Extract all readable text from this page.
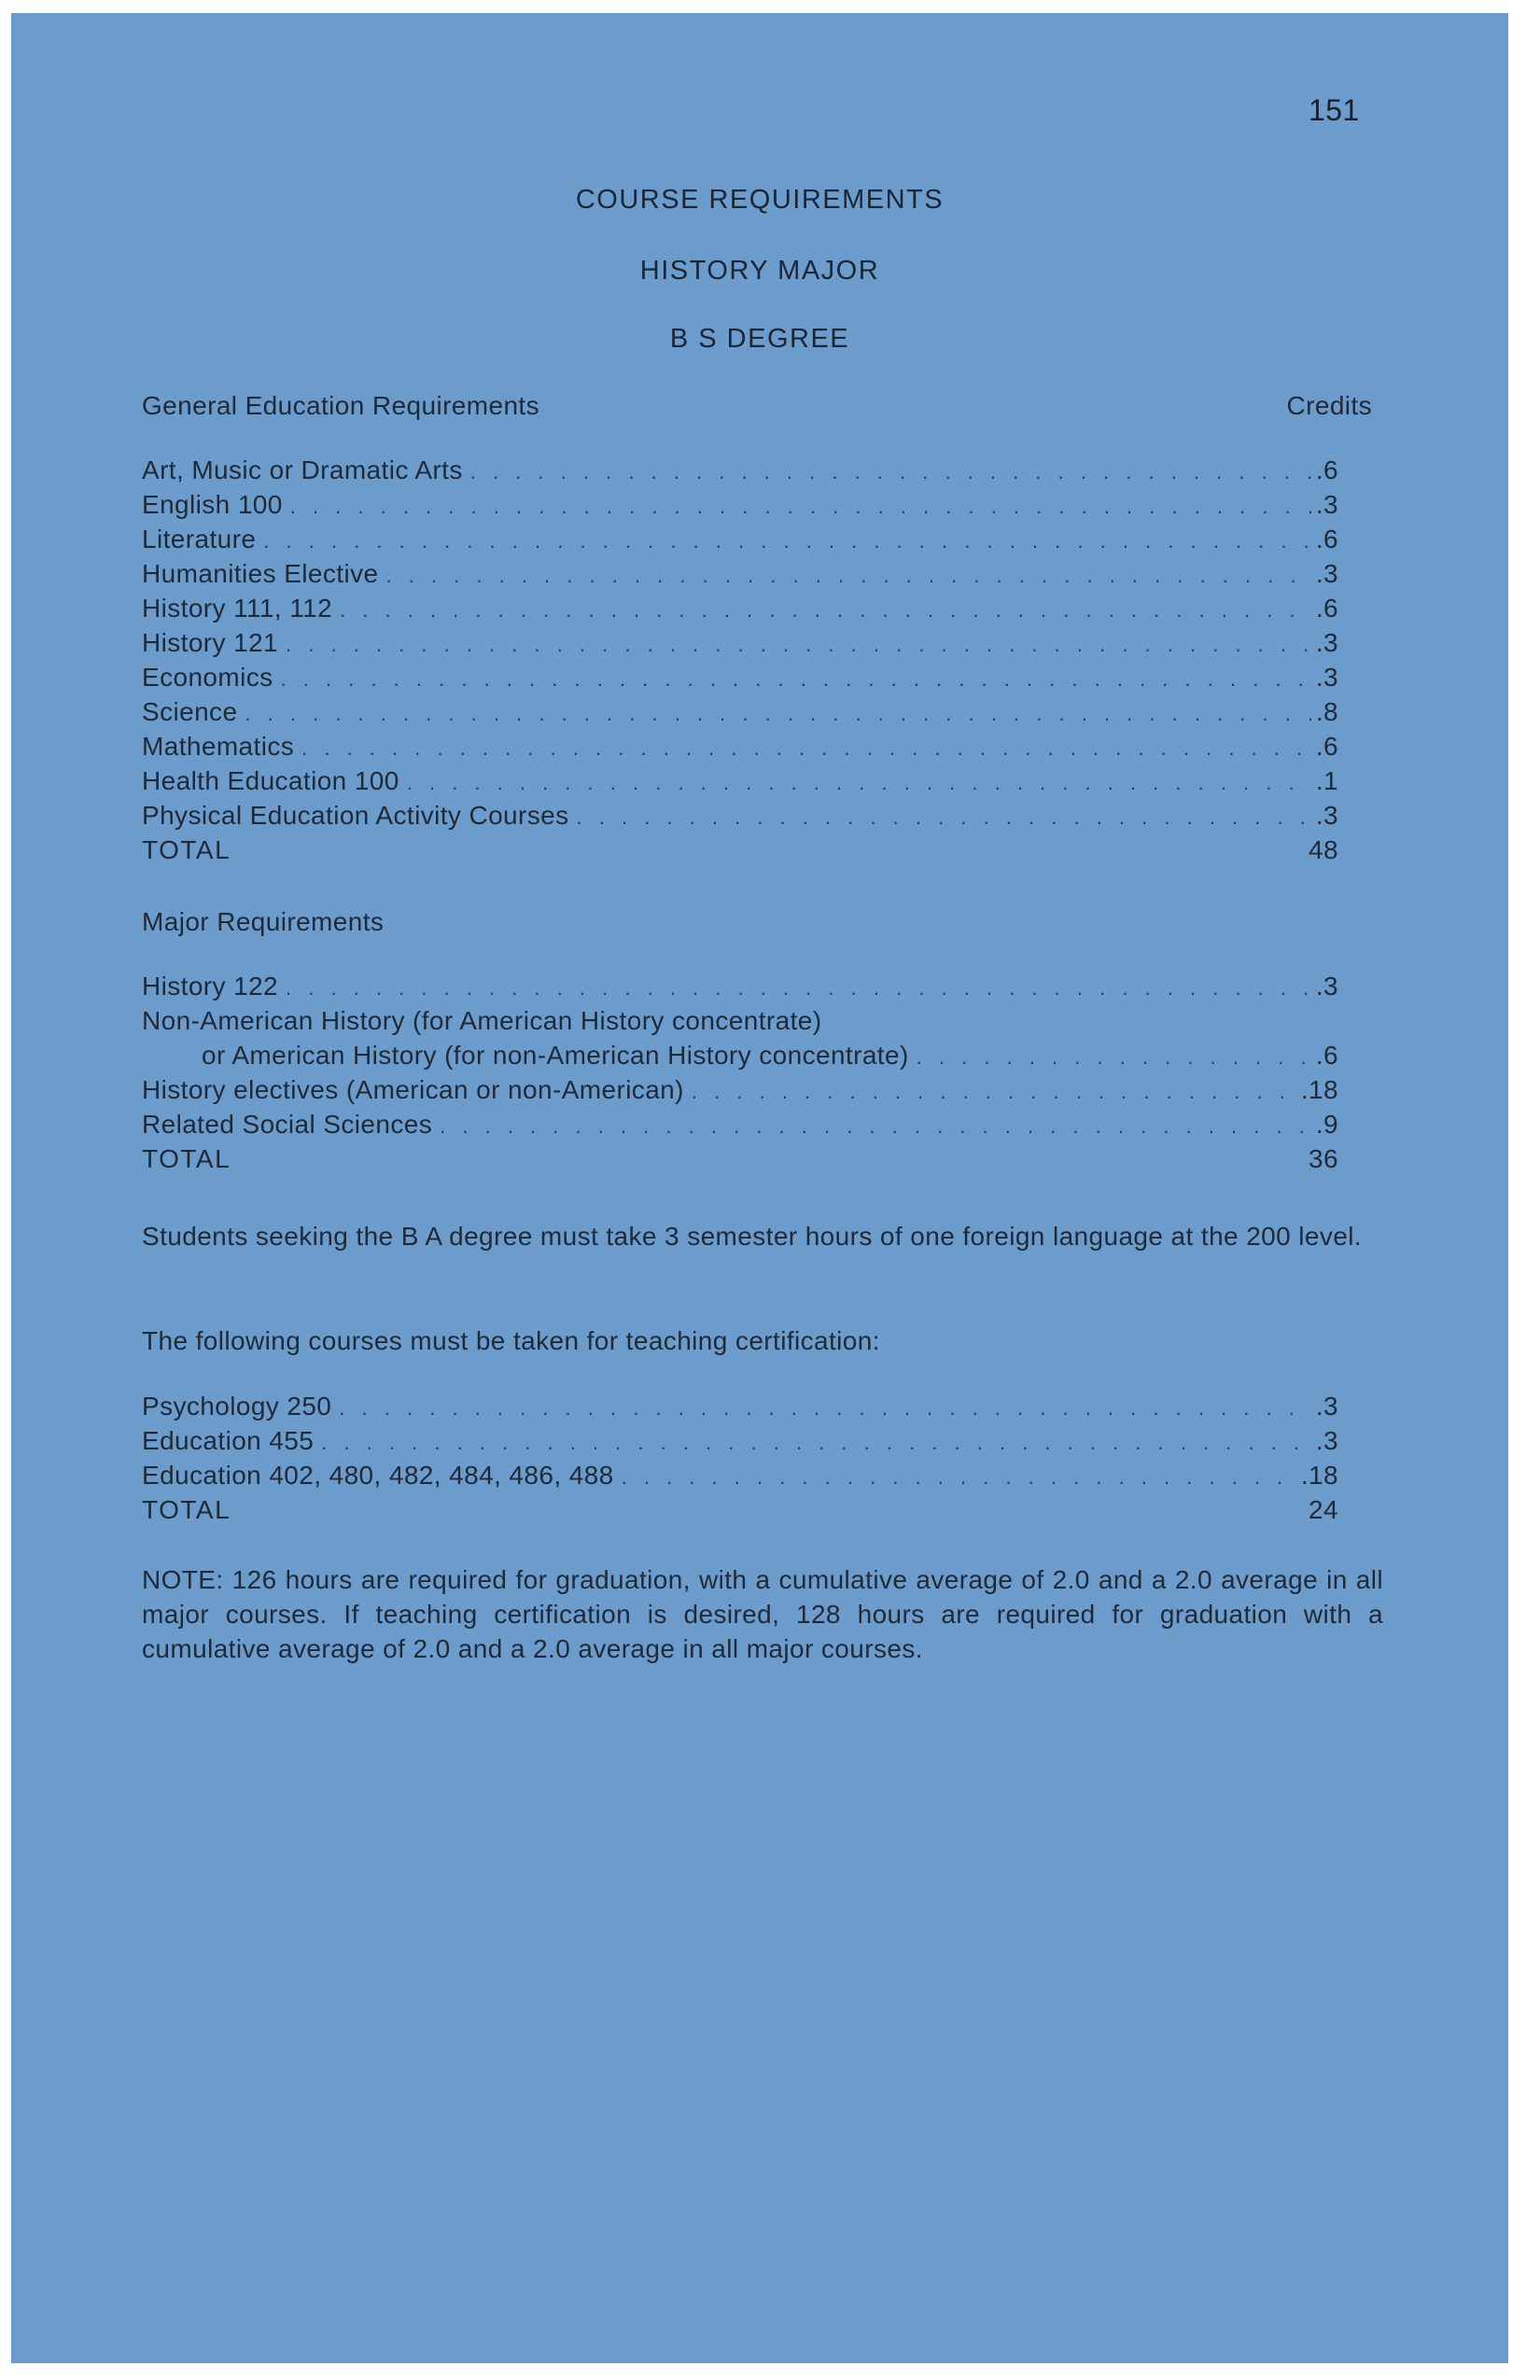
151
COURSE REQUIREMENTS
HISTORY MAJOR
B S DEGREE
General Education Requirements	Credits
Art, Music or Dramatic Arts . . .	.6
English 100 . . .	.3
Literature . . .	.6
Humanities Elective . . .	.3
History 111, 112 . . .	.6
History 121 . . .	.3
Economics . . .	.3
Science . . .	.8
Mathematics . . .	.6
Health Education 100 . . .	.1
Physical Education Activity Courses . . .	.3
TOTAL	48
Major Requirements
History 122 . . .	.3
Non-American History (for American History concentrate)
or American History (for non-American History concentrate) . . .	.6
History electives (American or non-American) . . .	.18
Related Social Sciences . . .	.9
TOTAL	36
Students seeking the B A degree must take 3 semester hours of one foreign language at the 200 level.
The following courses must be taken for teaching certification:
Psychology 250 . . .	.3
Education 455 . . .	.3
Education 402, 480, 482, 484, 486, 488 . . .	.18
TOTAL	24
NOTE: 126 hours are required for graduation, with a cumulative average of 2.0 and a 2.0 average in all major courses. If teaching certification is desired, 128 hours are required for graduation with a cumulative average of 2.0 and a 2.0 average in all major courses.
